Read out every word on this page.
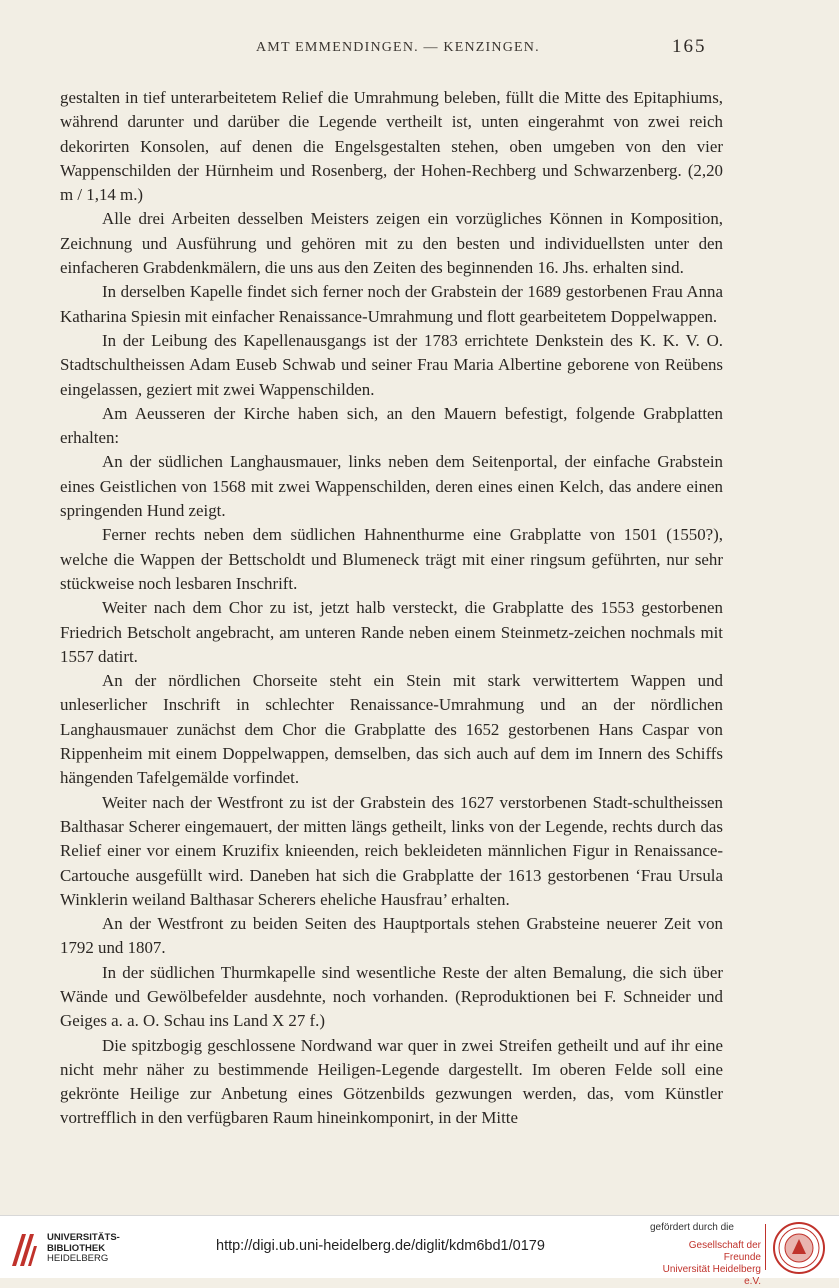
AMT EMMENDINGEN. — KENZINGEN.	165

gestalten in tief unterarbeitetem Relief die Umrahmung beleben, füllt die Mitte des Epitaphiums, während darunter und darüber die Legende vertheilt ist, unten eingerahmt von zwei reich dekorirten Konsolen, auf denen die Engelsgestalten stehen, oben umgeben von den vier Wappenschilden der Hürnheim und Rosenberg, der Hohen-Rechberg und Schwarzenberg. (2,20 m / 1,14 m.)

Alle drei Arbeiten desselben Meisters zeigen ein vorzügliches Können in Komposition, Zeichnung und Ausführung und gehören mit zu den besten und individuellsten unter den einfacheren Grabdenkmälern, die uns aus den Zeiten des beginnenden 16. Jhs. erhalten sind.

In derselben Kapelle findet sich ferner noch der Grabstein der 1689 gestorbenen Frau Anna Katharina Spiesin mit einfacher Renaissance-Umrahmung und flott gearbeitetem Doppelwappen.

In der Leibung des Kapellenausgangs ist der 1783 errichtete Denkstein des K. K. V. O. Stadtschultheissen Adam Euseb Schwab und seiner Frau Maria Albertine geborene von Reübens eingelassen, geziert mit zwei Wappenschilden.

Am Aeusseren der Kirche haben sich, an den Mauern befestigt, folgende Grabplatten erhalten:

An der südlichen Langhausmauer, links neben dem Seitenportal, der einfache Grabstein eines Geistlichen von 1568 mit zwei Wappenschilden, deren eines einen Kelch, das andere einen springenden Hund zeigt.

Ferner rechts neben dem südlichen Hahnenthurme eine Grabplatte von 1501 (1550?), welche die Wappen der Bettscholdt und Blumeneck trägt mit einer ringsum geführten, nur sehr stückweise noch lesbaren Inschrift.

Weiter nach dem Chor zu ist, jetzt halb versteckt, die Grabplatte des 1553 gestorbenen Friedrich Betscholt angebracht, am unteren Rande neben einem Steinmetz-zeichen nochmals mit 1557 datirt.

An der nördlichen Chorseite steht ein Stein mit stark verwittertem Wappen und unleserlicher Inschrift in schlechter Renaissance-Umrahmung und an der nördlichen Langhausmauer zunächst dem Chor die Grabplatte des 1652 gestorbenen Hans Caspar von Rippenheim mit einem Doppelwappen, demselben, das sich auch auf dem im Innern des Schiffs hängenden Tafelgemälde vorfindet.

Weiter nach der Westfront zu ist der Grabstein des 1627 verstorbenen Stadt-schultheissen Balthasar Scherer eingemauert, der mitten längs getheilt, links von der Legende, rechts durch das Relief einer vor einem Kruzifix knieenden, reich bekleideten männlichen Figur in Renaissance-Cartouche ausgefüllt wird. Daneben hat sich die Grabplatte der 1613 gestorbenen ‘Frau Ursula Winklerin weiland Balthasar Scherers eheliche Hausfrau’ erhalten.

An der Westfront zu beiden Seiten des Hauptportals stehen Grabsteine neuerer Zeit von 1792 und 1807.

In der südlichen Thurmkapelle sind wesentliche Reste der alten Bemalung, die sich über Wände und Gewölbefelder ausdehnte, noch vorhanden. (Reproduktionen bei F. Schneider und Geiges a. a. O. Schau ins Land X 27 f.)

Die spitzbogig geschlossene Nordwand war quer in zwei Streifen getheilt und auf ihr eine nicht mehr näher zu bestimmende Heiligen-Legende dargestellt. Im oberen Felde soll eine gekrönte Heilige zur Anbetung eines Götzenbilds gezwungen werden, das, vom Künstler vortrefflich in den verfügbaren Raum hineinkomponirt, in der Mitte

UNIVERSITÄTS-
BIBLIOTHEK
HEIDELBERG
http://digi.ub.uni-heidelberg.de/diglit/kdm6bd1/0179
gefördert durch die
Gesellschaft der Freunde
Universität Heidelberg e.V.
